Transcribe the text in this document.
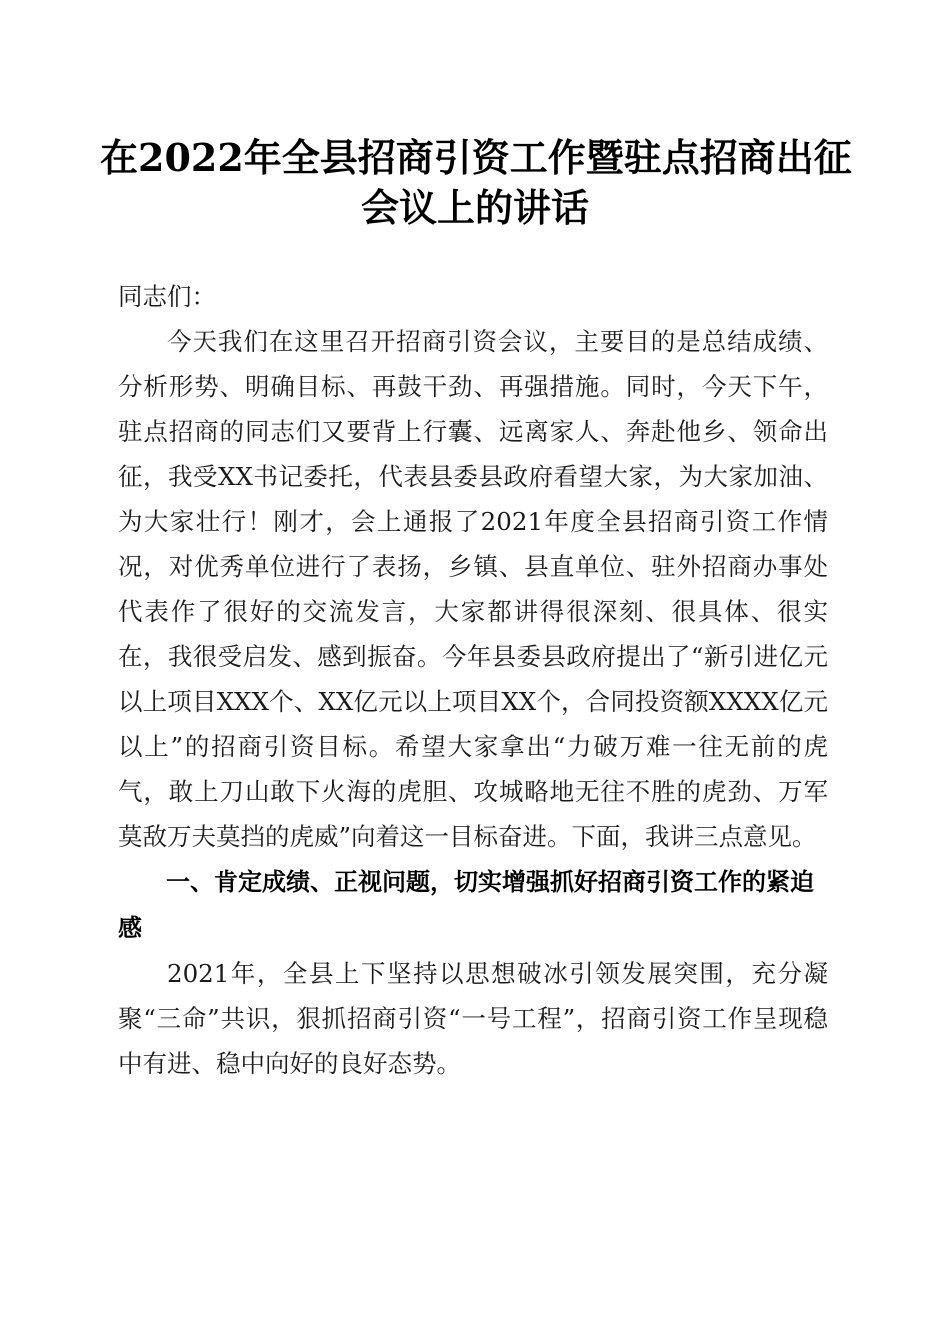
在2022年全县招商引资工作暨驻点招商出征
会议上的讲话

同志们：

今天我们在这里召开招商引资会议，主要目的是总结成绩、分析形势、明确目标、再鼓干劲、再强措施。同时，今天下午，驻点招商的同志们又要背上行囊、远离家人、奔赴他乡、领命出征，我受XX书记委托，代表县委县政府看望大家，为大家加油、为大家壮行！刚才，会上通报了2021年度全县招商引资工作情况，对优秀单位进行了表扬，乡镇、县直单位、驻外招商办事处代表作了很好的交流发言，大家都讲得很深刻、很具体、很实在，我很受启发、感到振奋。今年县委县政府提出了“新引进亿元以上项目XXX个、XX亿元以上项目XX个，合同投资额XXXX亿元以上”的招商引资目标。希望大家拿出“力破万难一往无前的虎气，敢上刀山敢下火海的虎胆、攻城略地无往不胜的虎劲、万军莫敌万夫莫挡的虎威”向着这一目标奋进。下面，我讲三点意见。

一、肯定成绩、正视问题，切实增强抓好招商引资工作的紧迫感

2021年，全县上下坚持以思想破冰引领发展突围，充分凝聚“三命”共识，狠抓招商引资“一号工程”，招商引资工作呈现稳中有进、稳中向好的良好态势。
